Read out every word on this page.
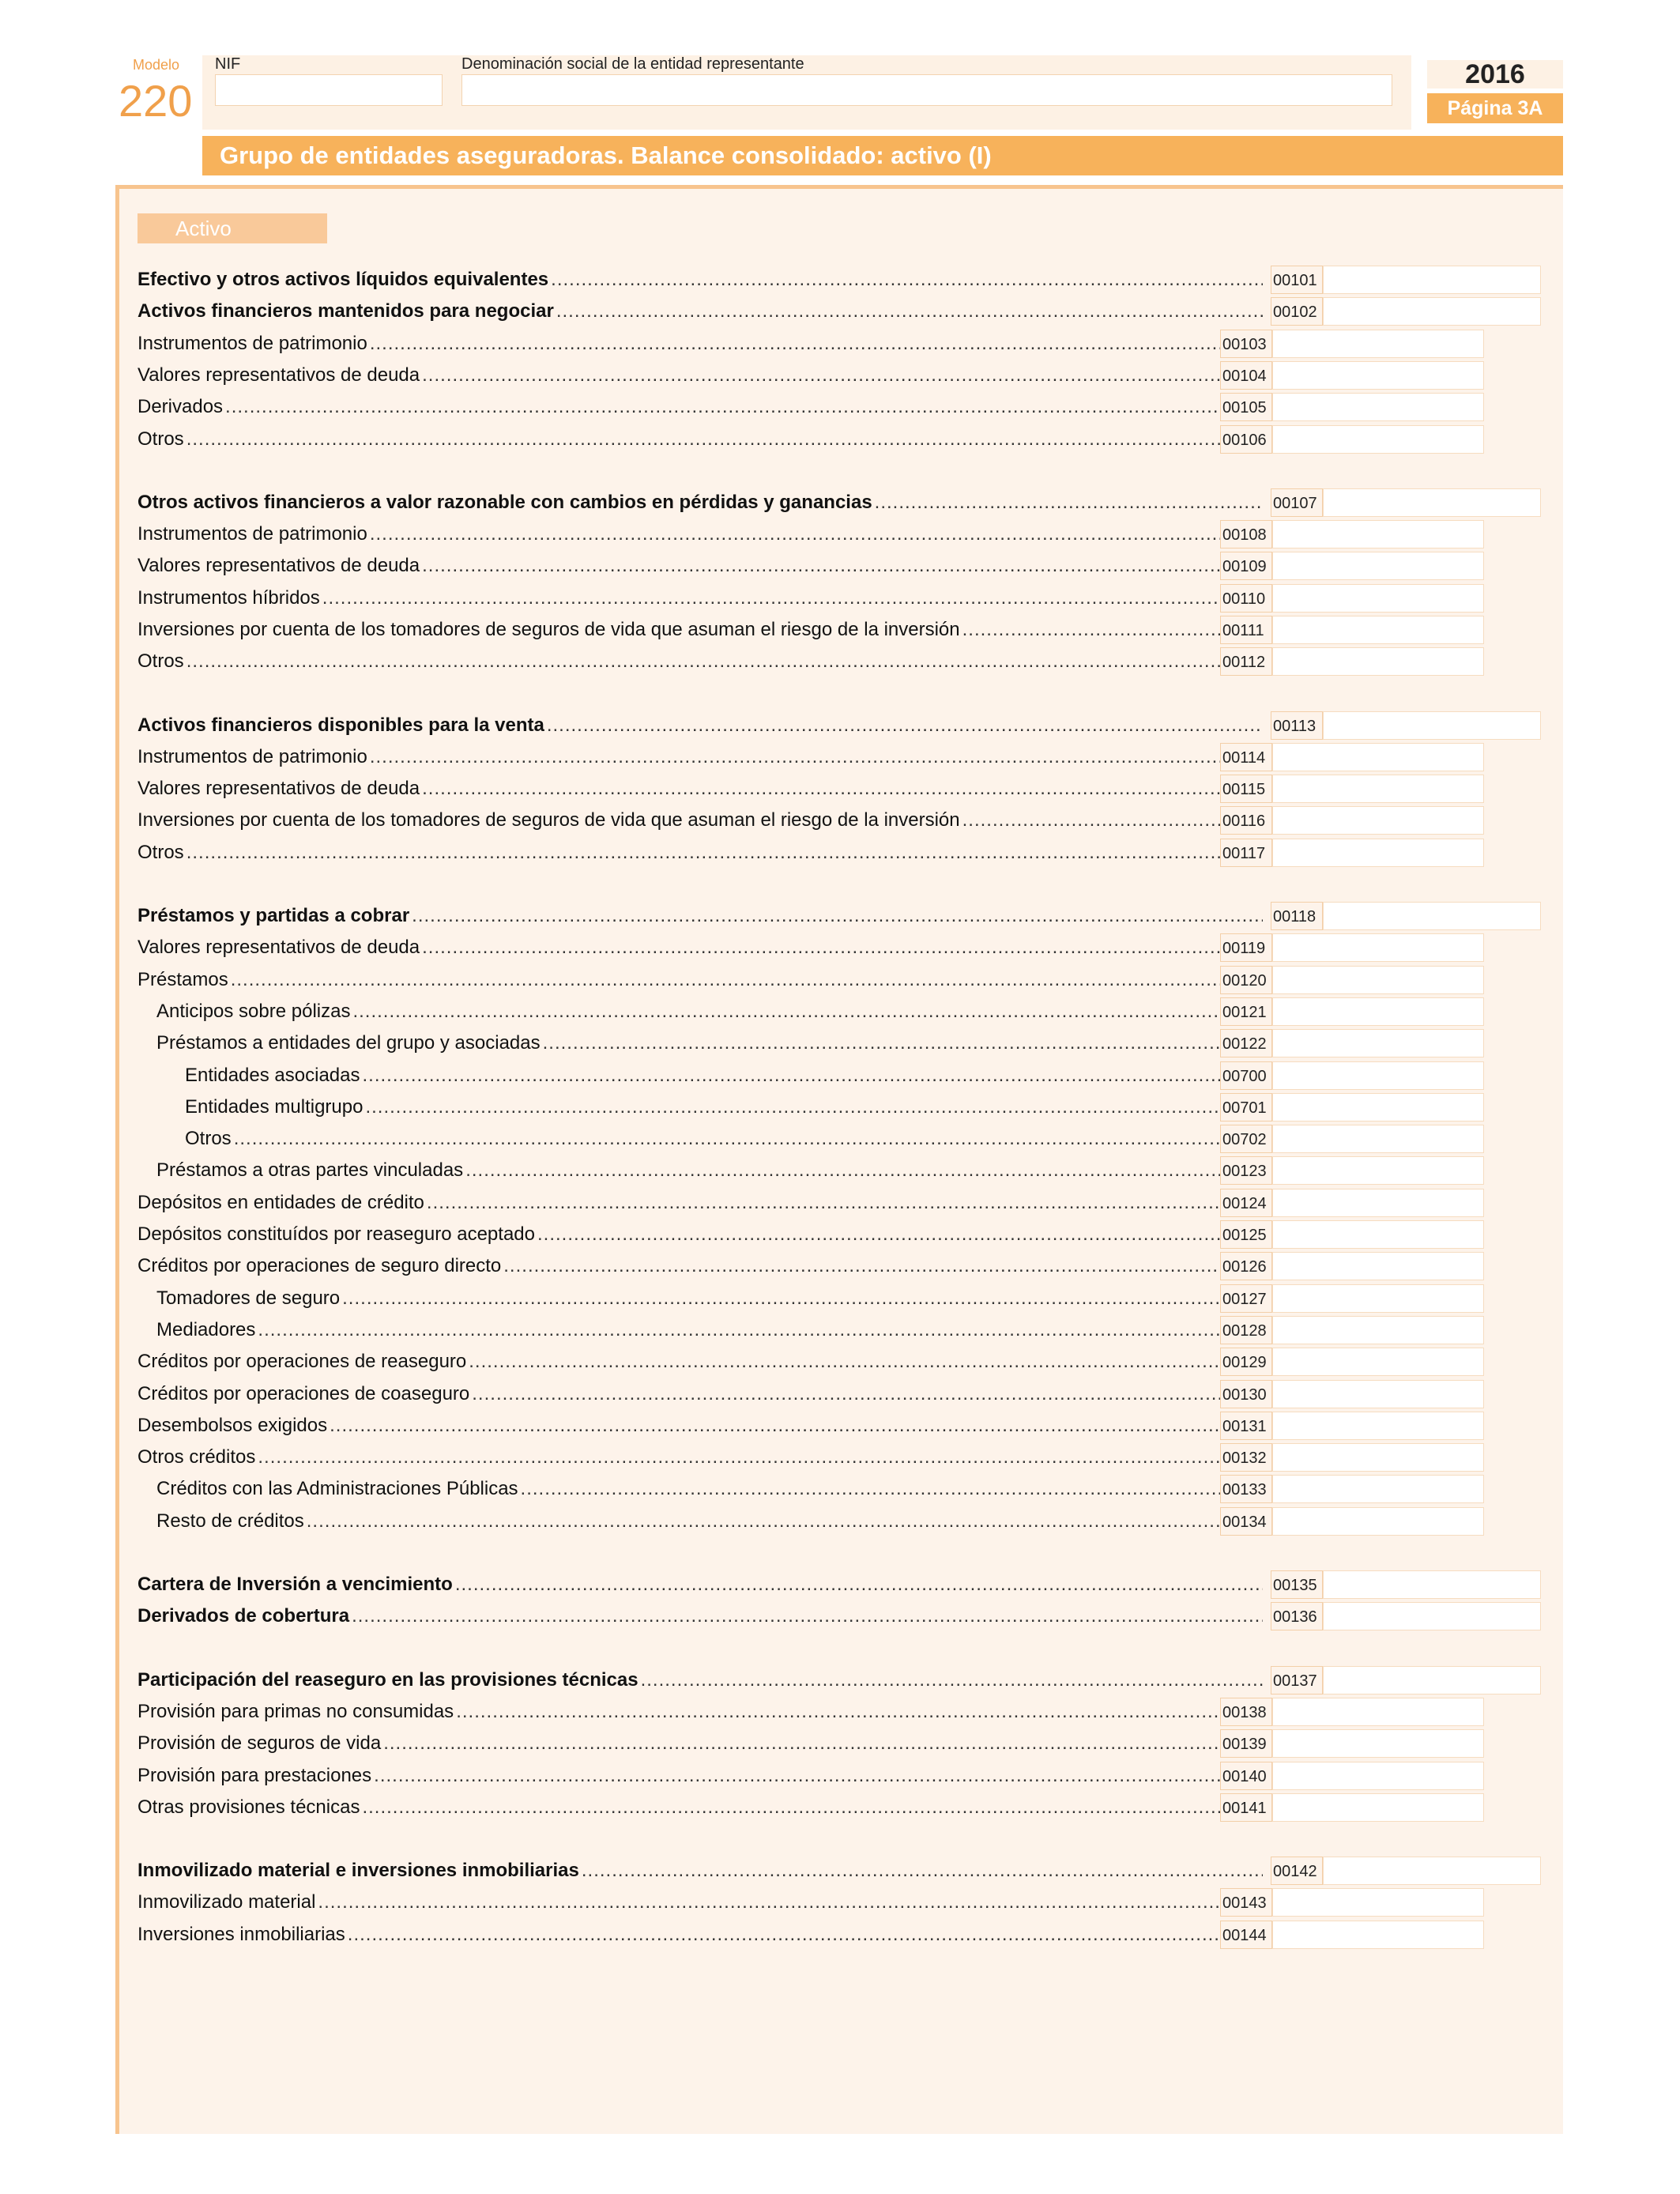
Modelo
220
NIF	Denominación social de la entidad representante	2016
Página 3A
Grupo de entidades aseguradoras. Balance consolidado: activo (I)
Activo
Efectivo y otros activos líquidos equivalentes .....	00101
Activos financieros mantenidos para negociar .....	00102
Instrumentos de patrimonio .....	00103
Valores representativos de deuda .....	00104
Derivados .....	00105
Otros .....	00106
Otros activos financieros a valor razonable con cambios en pérdidas y ganancias .....	00107
Instrumentos de patrimonio .....	00108
Valores representativos de deuda .....	00109
Instrumentos híbridos .....	00110
Inversiones por cuenta de los tomadores de seguros de vida que asuman el riesgo de la inversión .....	00111
Otros .....	00112
Activos financieros disponibles para la venta .....	00113
Instrumentos de patrimonio .....	00114
Valores representativos de deuda .....	00115
Inversiones por cuenta de los tomadores de seguros de vida que asuman el riesgo de la inversión .....	00116
Otros .....	00117
Préstamos y partidas a cobrar .....	00118
Valores representativos de deuda .....	00119
Préstamos .....	00120
Anticipos sobre pólizas .....	00121
Préstamos a entidades del grupo y asociadas .....	00122
Entidades asociadas .....	00700
Entidades multigrupo .....	00701
Otros .....	00702
Préstamos a otras partes vinculadas .....	00123
Depósitos en entidades de crédito .....	00124
Depósitos constituídos por reaseguro aceptado .....	00125
Créditos por operaciones de seguro directo .....	00126
Tomadores de seguro .....	00127
Mediadores .....	00128
Créditos por operaciones de reaseguro .....	00129
Créditos por operaciones de coaseguro .....	00130
Desembolsos exigidos .....	00131
Otros créditos .....	00132
Créditos con las Administraciones Públicas .....	00133
Resto de créditos .....	00134
Cartera de Inversión a vencimiento .....	00135
Derivados de cobertura .....	00136
Participación del reaseguro en las provisiones técnicas .....	00137
Provisión para primas no consumidas .....	00138
Provisión de seguros de vida .....	00139
Provisión para prestaciones .....	00140
Otras provisiones técnicas .....	00141
Inmovilizado material e inversiones inmobiliarias .....	00142
Inmovilizado material .....	00143
Inversiones inmobiliarias .....	00144
